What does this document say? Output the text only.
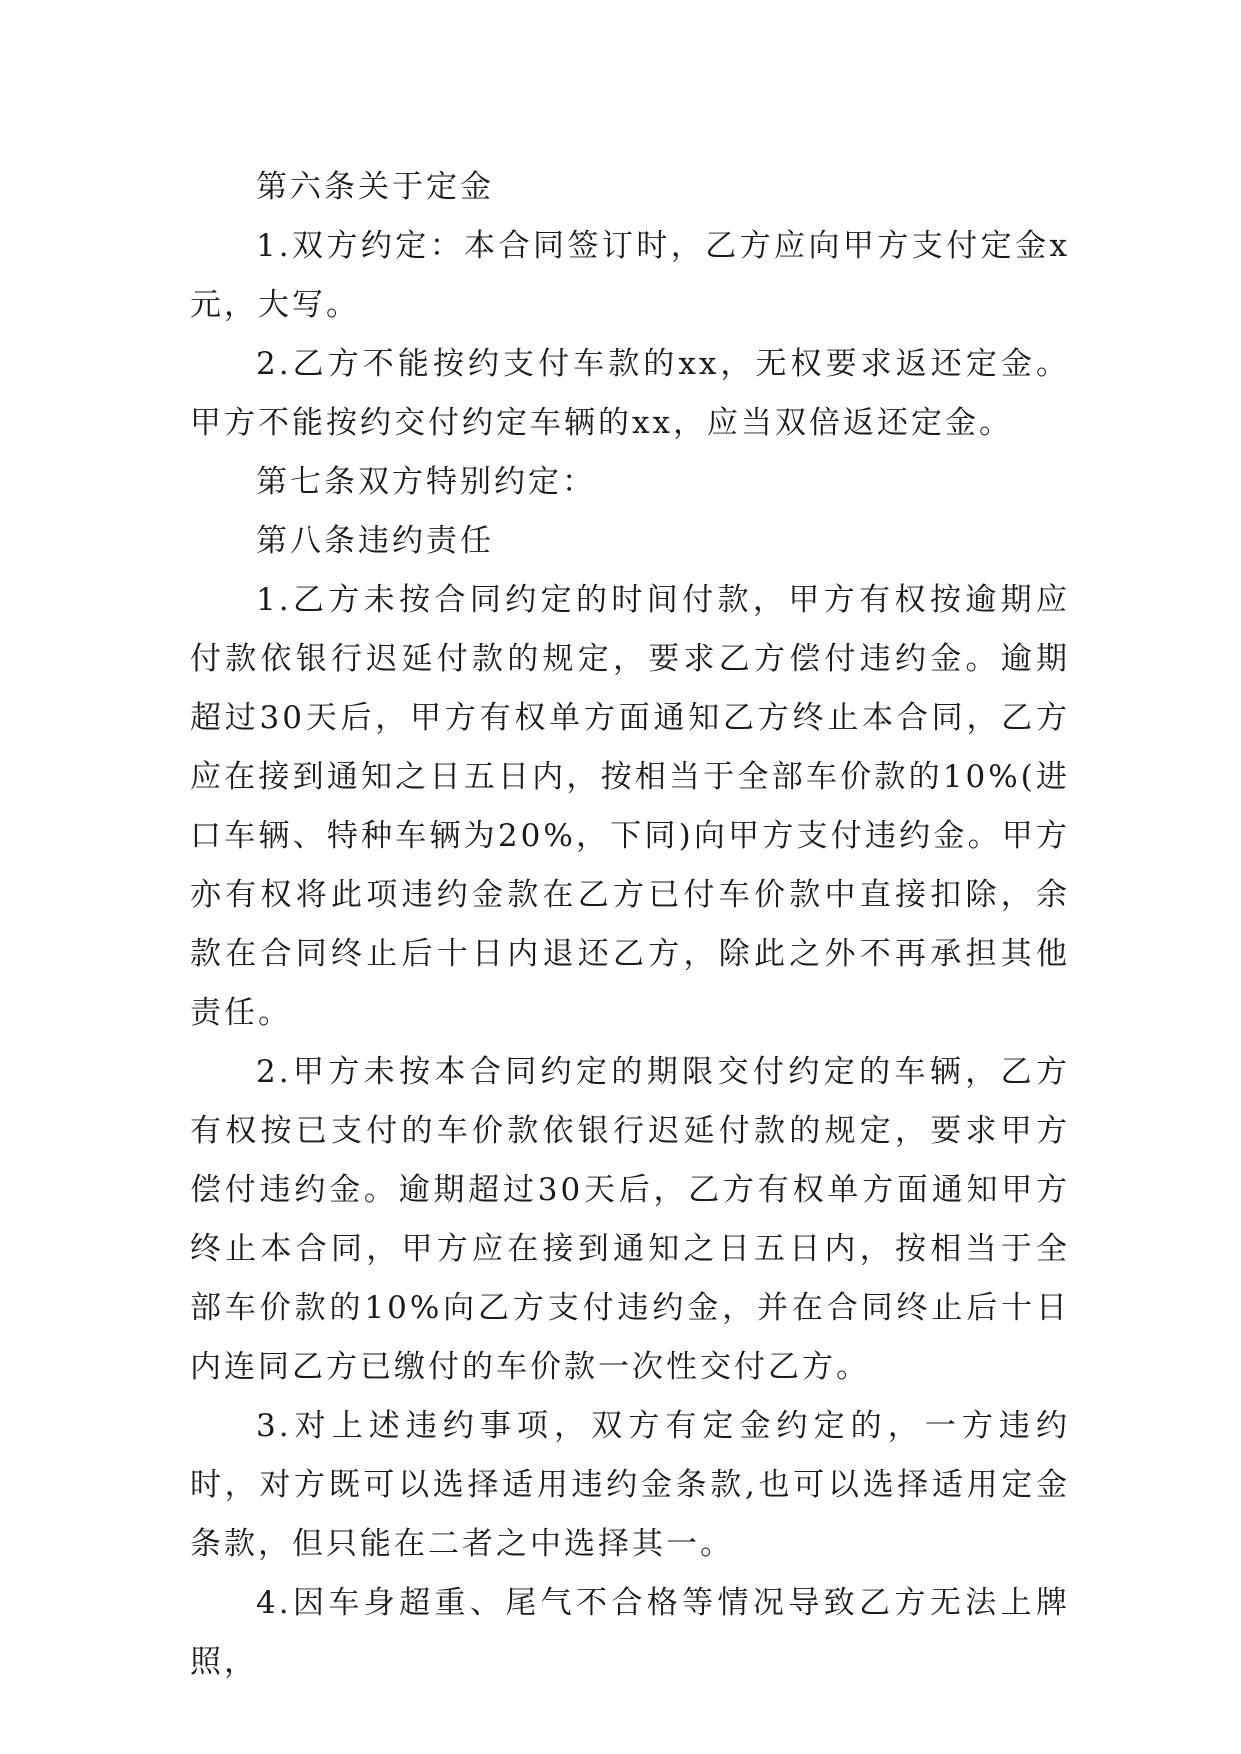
第六条关于定金

1.双方约定：本合同签订时，乙方应向甲方支付定金x元，大写。

2.乙方不能按约支付车款的xx，无权要求返还定金。甲方不能按约交付约定车辆的xx，应当双倍返还定金。

第七条双方特别约定：

第八条违约责任

1.乙方未按合同约定的时间付款，甲方有权按逾期应付款依银行迟延付款的规定，要求乙方偿付违约金。逾期超过30天后，甲方有权单方面通知乙方终止本合同，乙方应在接到通知之日五日内，按相当于全部车价款的10%(进口车辆、特种车辆为20%，下同)向甲方支付违约金。甲方亦有权将此项违约金款在乙方已付车价款中直接扣除，余款在合同终止后十日内退还乙方，除此之外不再承担其他责任。

2.甲方未按本合同约定的期限交付约定的车辆，乙方有权按已支付的车价款依银行迟延付款的规定，要求甲方偿付违约金。逾期超过30天后，乙方有权单方面通知甲方终止本合同，甲方应在接到通知之日五日内，按相当于全部车价款的10%向乙方支付违约金，并在合同终止后十日内连同乙方已缴付的车价款一次性交付乙方。

3.对上述违约事项，双方有定金约定的，一方违约时，对方既可以选择适用违约金条款,也可以选择适用定金条款，但只能在二者之中选择其一。

4.因车身超重、尾气不合格等情况导致乙方无法上牌照，
